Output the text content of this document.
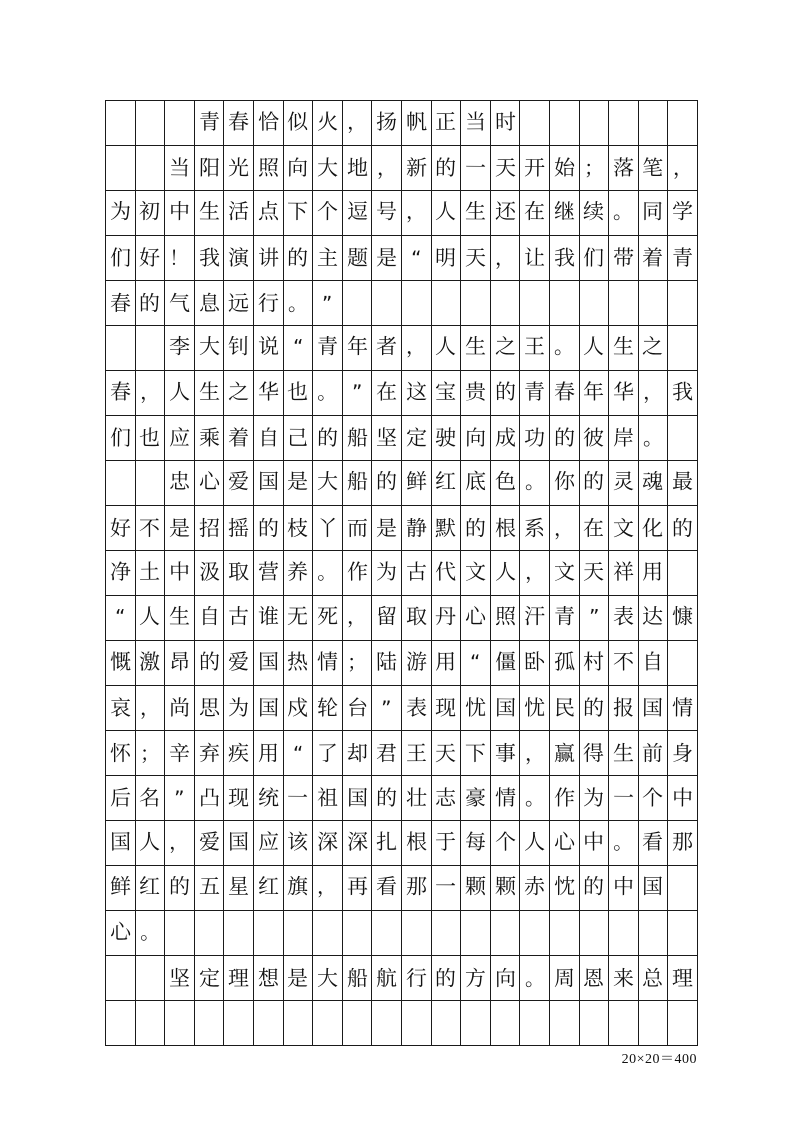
青 春 恰 似 火 ， 扬 帆 正 当 时
当 阳 光 照 向 大 地 ， 新 的 一 天 开 始 ； 落 笔 ，
为 初 中 生 活 点 下 个 逗 号 ， 人 生 还 在 继 续 。 同 学
们 好 ！ 我 演 讲 的 主 题 是 “ 明 天 ， 让 我 们 带 着 青
春 的 气 息 远 行 。 ”
李 大 钊 说 “ 青 年 者 ， 人 生 之 王 。 人 生 之
春 ， 人 生 之 华 也 。 ” 在 这 宝 贵 的 青 春 年 华 ， 我
们 也 应 乘 着 自 己 的 船 坚 定 驶 向 成 功 的 彼 岸 。
忠 心 爱 国 是 大 船 的 鲜 红 底 色 。 你 的 灵 魂 最
好 不 是 招 摇 的 枝 丫 而 是 静 默 的 根 系 ， 在 文 化 的
净 土 中 汲 取 营 养 。 作 为 古 代 文 人 ， 文 天 祥 用
“ 人 生 自 古 谁 无 死 ， 留 取 丹 心 照 汗 青 ” 表 达 慷
慨 激 昂 的 爱 国 热 情 ； 陆 游 用 “ 僵 卧 孤 村 不 自
哀 ， 尚 思 为 国 戍 轮 台 ” 表 现 忧 国 忧 民 的 报 国 情
怀 ； 辛 弃 疾 用 “ 了 却 君 王 天 下 事 ， 赢 得 生 前 身
后 名 ” 凸 现 统 一 祖 国 的 壮 志 豪 情 。 作 为 一 个 中
国 人 ， 爱 国 应 该 深 深 扎 根 于 每 个 人 心 中 。 看 那
鲜 红 的 五 星 红 旗 ， 再 看 那 一 颗 颗 赤 忱 的 中 国
心 。
坚 定 理 想 是 大 船 航 行 的 方 向 。 周 恩 来 总 理
20×20＝400
